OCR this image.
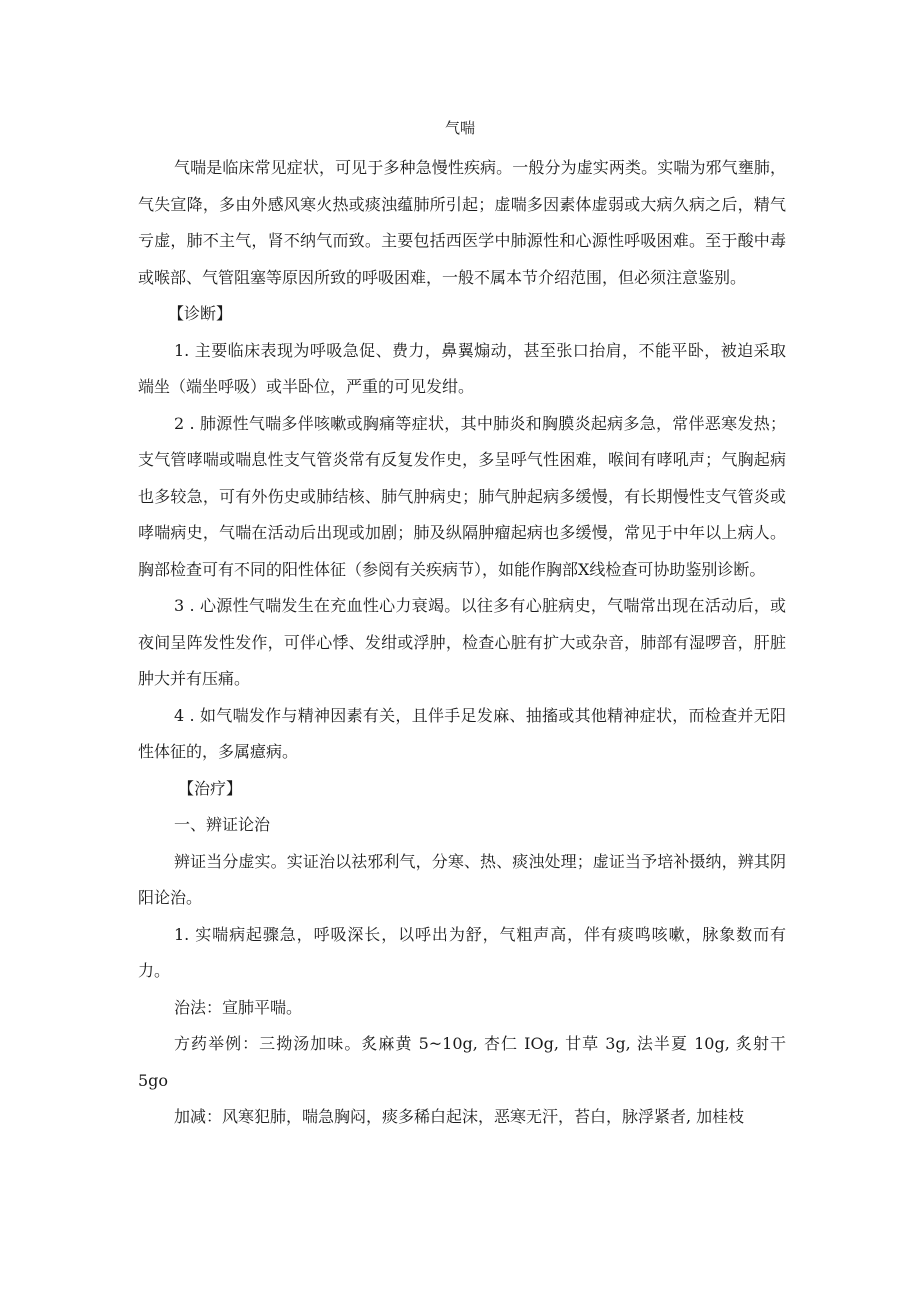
气喘

气喘是临床常见症状，可见于多种急慢性疾病。一般分为虚实两类。实喘为邪气壅肺，气失宣降，多由外感风寒火热或痰浊蕴肺所引起；虚喘多因素体虚弱或大病久病之后，精气亏虚，肺不主气，肾不纳气而致。主要包括西医学中肺源性和心源性呼吸困难。至于酸中毒或喉部、气管阻塞等原因所致的呼吸困难，一般不属本节介绍范围，但必须注意鉴别。

【诊断】

1. 主要临床表现为呼吸急促、费力，鼻翼煽动，甚至张口抬肩，不能平卧，被迫采取端坐（端坐呼吸）或半卧位，严重的可见发绀。

2 . 肺源性气喘多伴咳嗽或胸痛等症状，其中肺炎和胸膜炎起病多急，常伴恶寒发热；支气管哮喘或喘息性支气管炎常有反复发作史，多呈呼气性困难，喉间有哮吼声；气胸起病也多较急，可有外伤史或肺结核、肺气肿病史；肺气肿起病多缓慢，有长期慢性支气管炎或哮喘病史，气喘在活动后出现或加剧；肺及纵隔肿瘤起病也多缓慢，常见于中年以上病人。胸部检查可有不同的阳性体征（参阅有关疾病节），如能作胸部X线检查可协助鉴别诊断。

3 . 心源性气喘发生在充血性心力衰竭。以往多有心脏病史，气喘常出现在活动后，或夜间呈阵发性发作，可伴心悸、发绀或浮肿，检查心脏有扩大或杂音，肺部有湿啰音，肝脏肿大并有压痛。

4 . 如气喘发作与精神因素有关，且伴手足发麻、抽搐或其他精神症状，而检查并无阳性体征的，多属癔病。

【治疗】

一、辨证论治

辨证当分虚实。实证治以祛邪利气，分寒、热、痰浊处理；虚证当予培补摄纳，辨其阴阳论治。

1. 实喘病起骤急，呼吸深长，以呼出为舒，气粗声高，伴有痰鸣咳嗽，脉象数而有力。

治法：宣肺平喘。

方药举例：三拗汤加味。炙麻黄 5~10g, 杏仁 IOg, 甘草 3g, 法半夏 10g, 炙射干 5go

加减：风寒犯肺，喘急胸闷，痰多稀白起沫，恶寒无汗，苔白，脉浮紧者, 加桂枝
